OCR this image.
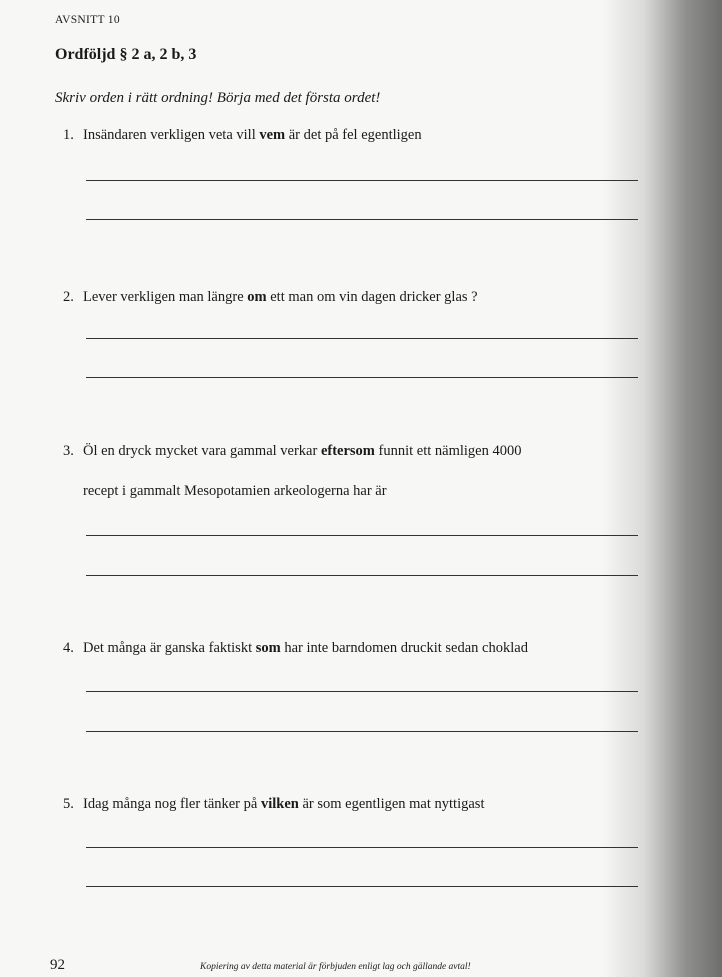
AVSNITT 10
Ordföljd § 2 a, 2 b, 3
Skriv orden i rätt ordning! Börja med det första ordet!
1. Insändaren verkligen veta vill vem är det på fel egentligen
2. Lever verkligen man längre om ett man om vin dagen dricker glas ?
3. Öl en dryck mycket vara gammal verkar eftersom funnit ett nämligen 4000
recept i gammalt Mesopotamien arkeologerna har är
4. Det många är ganska faktiskt som har inte barndomen druckit sedan choklad
5. Idag många nog fler tänker på vilken är som egentligen mat nyttigast
92	Kopiering av detta material är förbjuden enligt lag och gällande avtal!
